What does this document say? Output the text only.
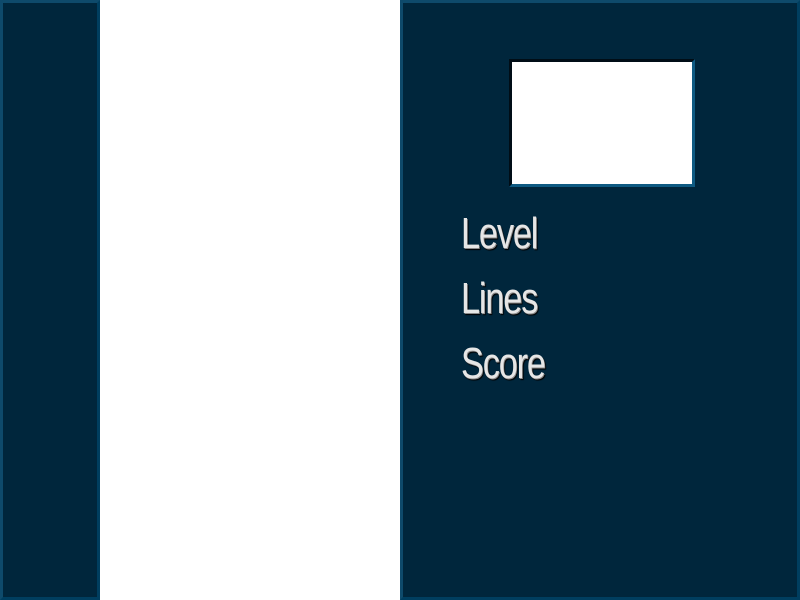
Level
Lines
Score
